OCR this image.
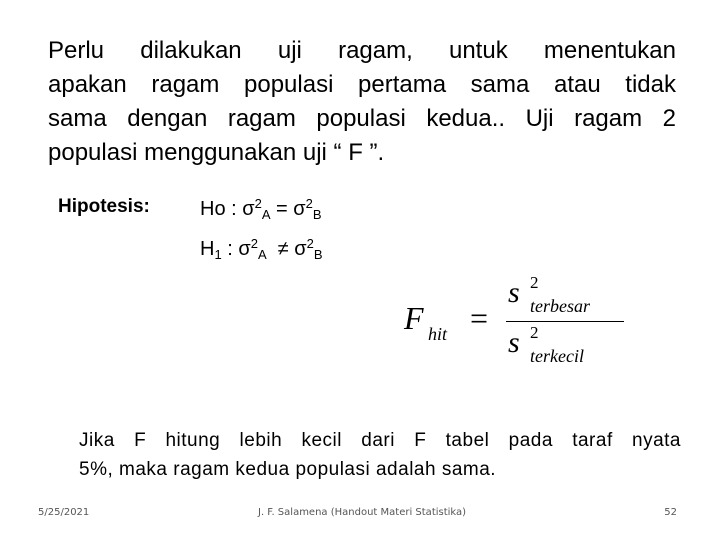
Perlu dilakukan uji ragam, untuk menentukan
apakan ragam populasi pertama sama atau tidak
sama dengan ragam populasi kedua.. Uji ragam 2
populasi menggunakan uji “ F ”.
Hipotesis:	Ho : $\sigma^2_A = \sigma^2_B$
$H_1$ : $\sigma^2_A \ne \sigma^2_B$
F hit =
s 2
terbesar
s 2
terkecil
Jika F hitung lebih kecil dari F tabel pada taraf nyata
5%, maka ragam kedua populasi adalah sama.
5/25/2021	J. F. Salamena (Handout Materi Statistika)	52
